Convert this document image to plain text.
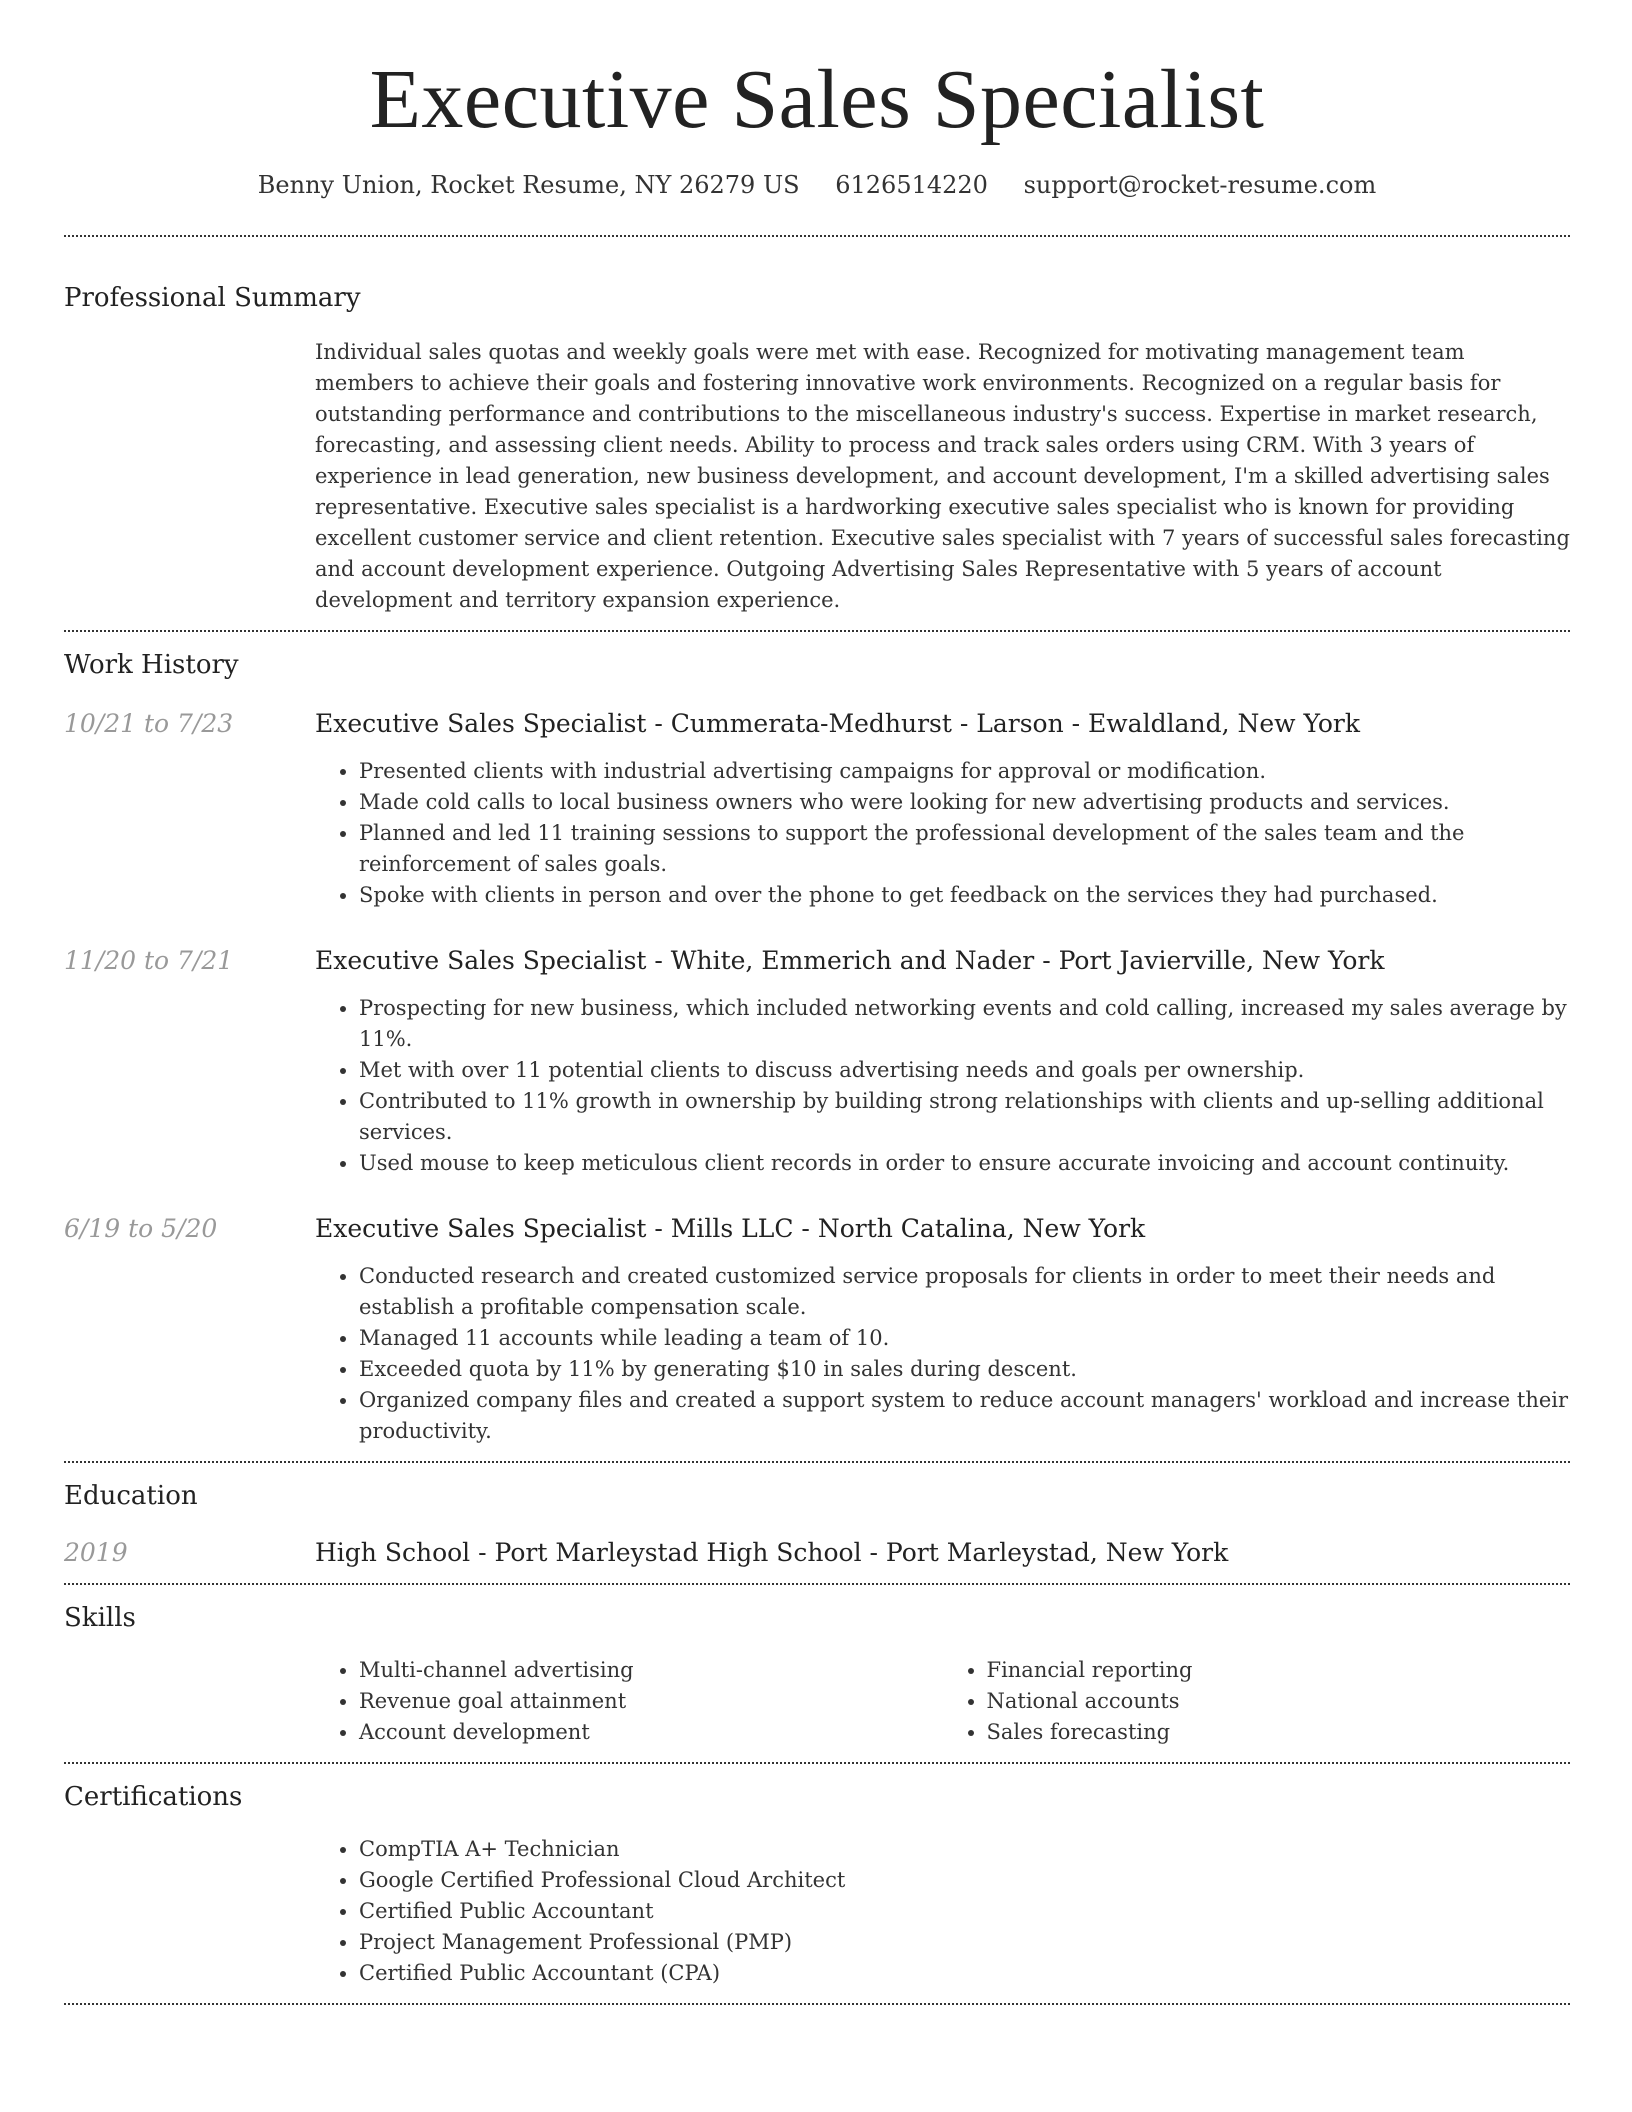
Executive Sales Specialist
Benny Union, Rocket Resume, NY 26279 US 6126514220 support@rocket-resume.com
Professional Summary
Individual sales quotas and weekly goals were met with ease. Recognized for motivating management team members to achieve their goals and fostering innovative work environments. Recognized on a regular basis for outstanding performance and contributions to the miscellaneous industry's success. Expertise in market research, forecasting, and assessing client needs. Ability to process and track sales orders using CRM. With 3 years of experience in lead generation, new business development, and account development, I'm a skilled advertising sales representative. Executive sales specialist is a hardworking executive sales specialist who is known for providing excellent customer service and client retention. Executive sales specialist with 7 years of successful sales forecasting and account development experience. Outgoing Advertising Sales Representative with 5 years of account development and territory expansion experience.
Work History
10/21 to 7/23	Executive Sales Specialist - Cummerata-Medhurst - Larson - Ewaldland, New York
• Presented clients with industrial advertising campaigns for approval or modification.
• Made cold calls to local business owners who were looking for new advertising products and services.
• Planned and led 11 training sessions to support the professional development of the sales team and the reinforcement of sales goals.
• Spoke with clients in person and over the phone to get feedback on the services they had purchased.
11/20 to 7/21	Executive Sales Specialist - White, Emmerich and Nader - Port Javierville, New York
• Prospecting for new business, which included networking events and cold calling, increased my sales average by 11%.
• Met with over 11 potential clients to discuss advertising needs and goals per ownership.
• Contributed to 11% growth in ownership by building strong relationships with clients and up-selling additional services.
• Used mouse to keep meticulous client records in order to ensure accurate invoicing and account continuity.
6/19 to 5/20	Executive Sales Specialist - Mills LLC - North Catalina, New York
• Conducted research and created customized service proposals for clients in order to meet their needs and establish a profitable compensation scale.
• Managed 11 accounts while leading a team of 10.
• Exceeded quota by 11% by generating $10 in sales during descent.
• Organized company files and created a support system to reduce account managers' workload and increase their productivity.
Education
2019	High School - Port Marleystad High School - Port Marleystad, New York
Skills
• Multi-channel advertising
• Revenue goal attainment
• Account development
• Financial reporting
• National accounts
• Sales forecasting
Certifications
• CompTIA A+ Technician
• Google Certified Professional Cloud Architect
• Certified Public Accountant
• Project Management Professional (PMP)
• Certified Public Accountant (CPA)
